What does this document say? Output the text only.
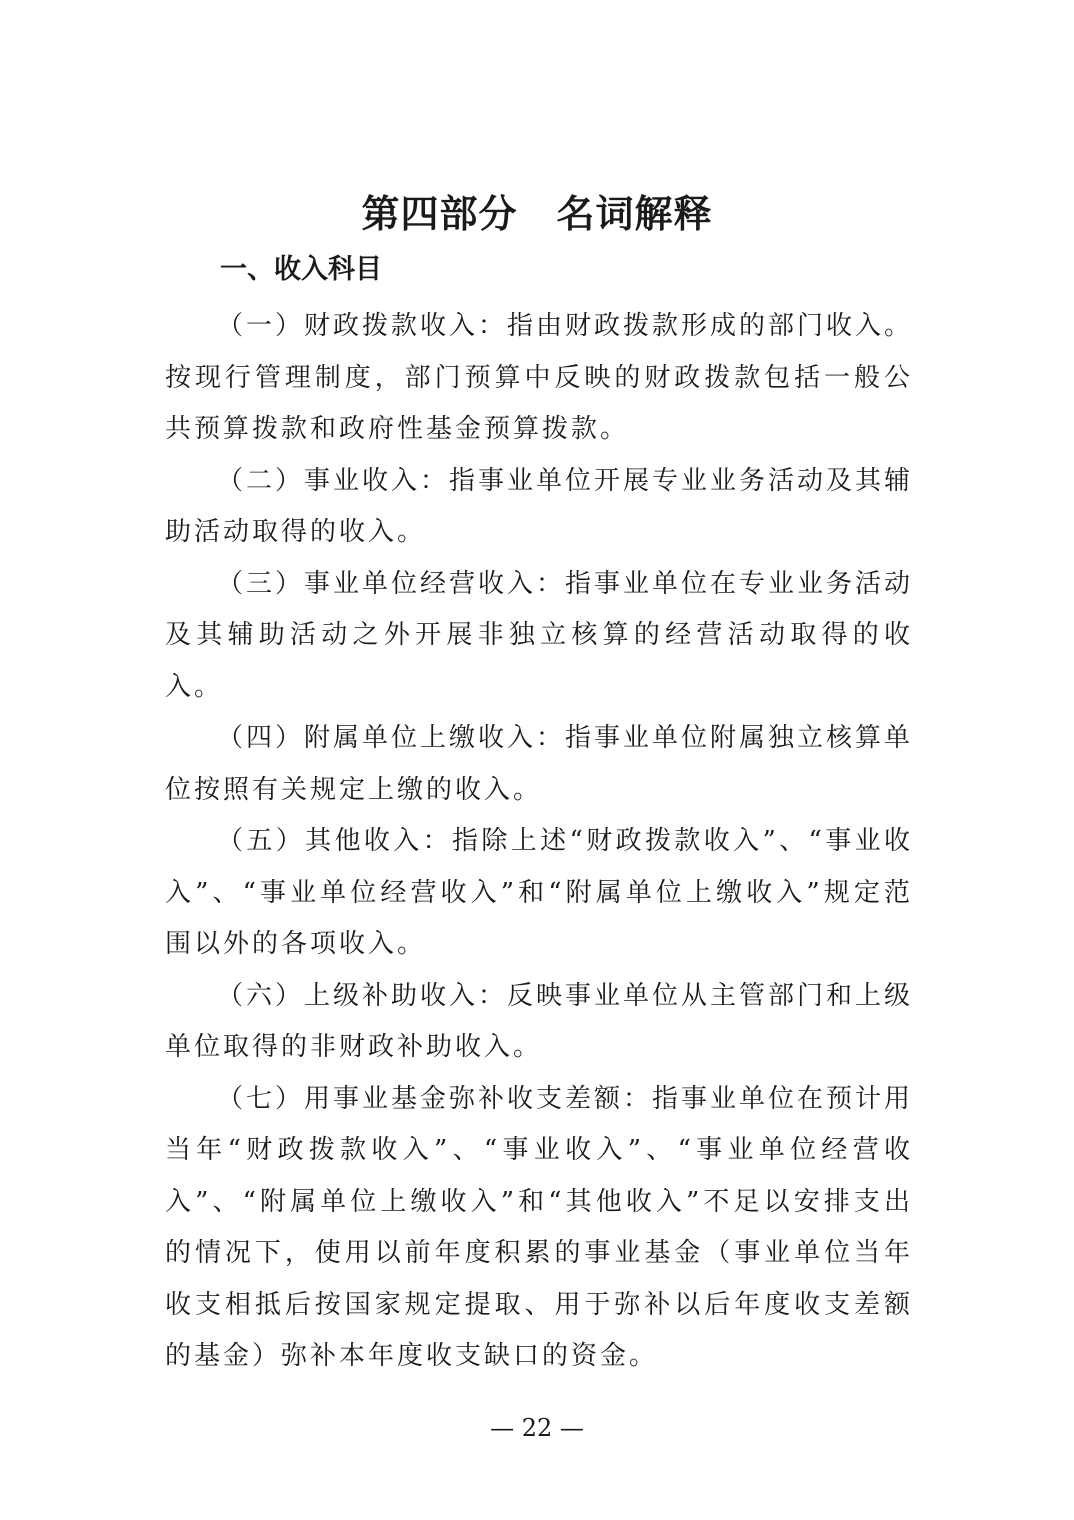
第四部分　名词解释
一、收入科目

（一）财政拨款收入：指由财政拨款形成的部门收入。按现行管理制度，部门预算中反映的财政拨款包括一般公共预算拨款和政府性基金预算拨款。

（二）事业收入：指事业单位开展专业业务活动及其辅助活动取得的收入。

（三）事业单位经营收入：指事业单位在专业业务活动及其辅助活动之外开展非独立核算的经营活动取得的收入。

（四）附属单位上缴收入：指事业单位附属独立核算单位按照有关规定上缴的收入。

（五）其他收入：指除上述“财政拨款收入”、“事业收入”、“事业单位经营收入”和“附属单位上缴收入”规定范围以外的各项收入。

（六）上级补助收入：反映事业单位从主管部门和上级单位取得的非财政补助收入。

（七）用事业基金弥补收支差额：指事业单位在预计用当年“财政拨款收入”、“事业收入”、“事业单位经营收入”、“附属单位上缴收入”和“其他收入”不足以安排支出的情况下，使用以前年度积累的事业基金（事业单位当年收支相抵后按国家规定提取、用于弥补以后年度收支差额的基金）弥补本年度收支缺口的资金。

— 22 —
